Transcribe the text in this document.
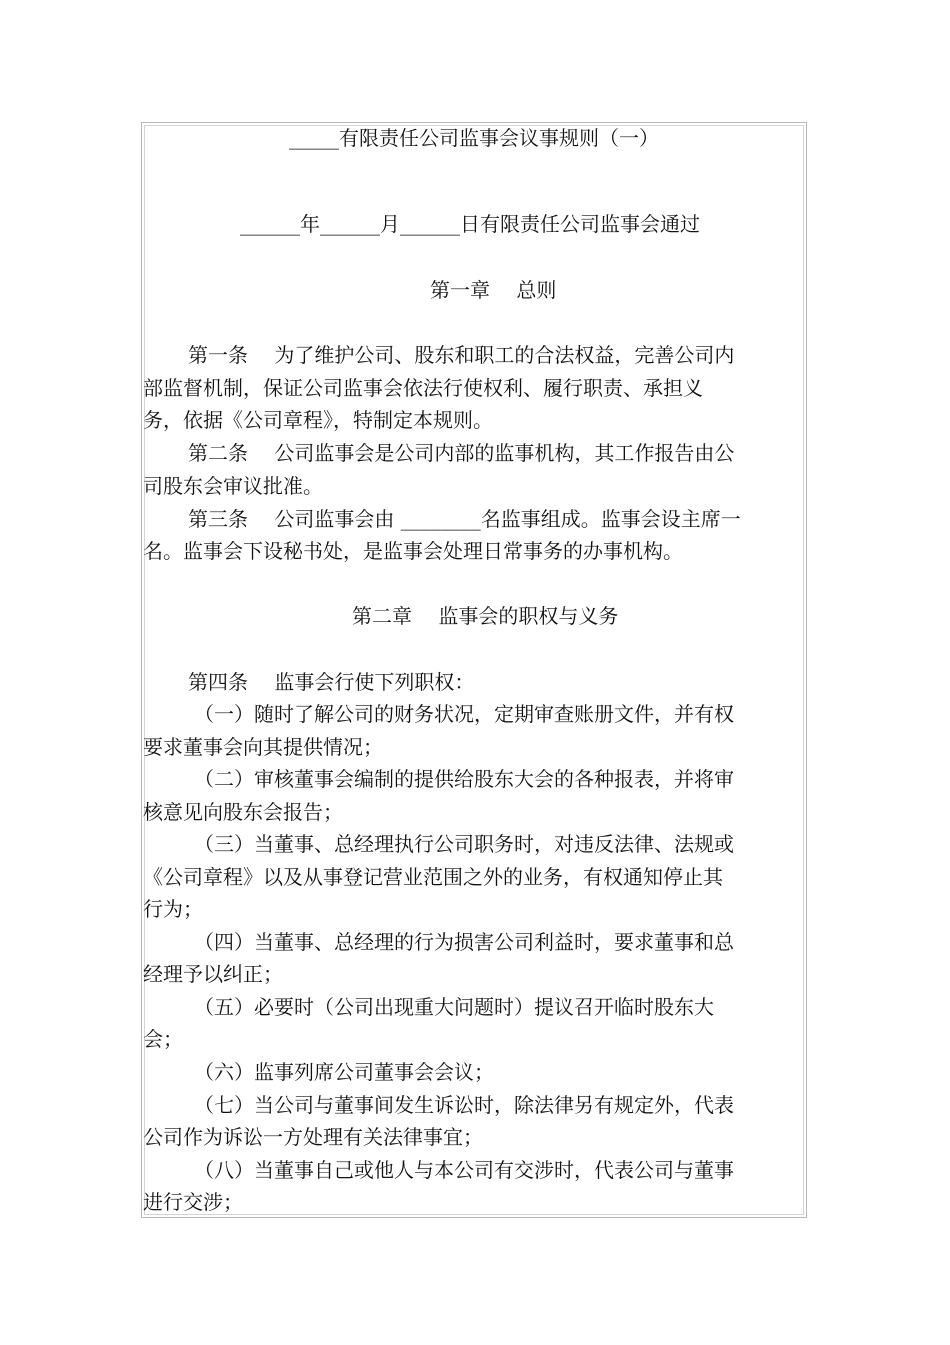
_____有限责任公司监事会议事规则（一）
______年______月______日有限责任公司监事会通过
第一章　 总则
第一条　 为了维护公司、股东和职工的合法权益，完善公司内
部监督机制，保证公司监事会依法行使权利、履行职责、承担义
务，依据《公司章程》，特制定本规则。
第二条　 公司监事会是公司内部的监事机构，其工作报告由公
司股东会审议批准。
第三条　 公司监事会由 ________名监事组成。监事会设主席一
名。监事会下设秘书处，是监事会处理日常事务的办事机构。
第二章　 监事会的职权与义务
第四条　 监事会行使下列职权：
（一）随时了解公司的财务状况，定期审查账册文件，并有权
要求董事会向其提供情况；
（二）审核董事会编制的提供给股东大会的各种报表，并将审
核意见向股东会报告；
（三）当董事、总经理执行公司职务时，对违反法律、法规或
《公司章程》以及从事登记营业范围之外的业务，有权通知停止其
行为；
（四）当董事、总经理的行为损害公司利益时，要求董事和总
经理予以纠正；
（五）必要时（公司出现重大问题时）提议召开临时股东大
会；
（六）监事列席公司董事会会议；
（七）当公司与董事间发生诉讼时，除法律另有规定外，代表
公司作为诉讼一方处理有关法律事宜；
（八）当董事自己或他人与本公司有交涉时，代表公司与董事
进行交涉；
